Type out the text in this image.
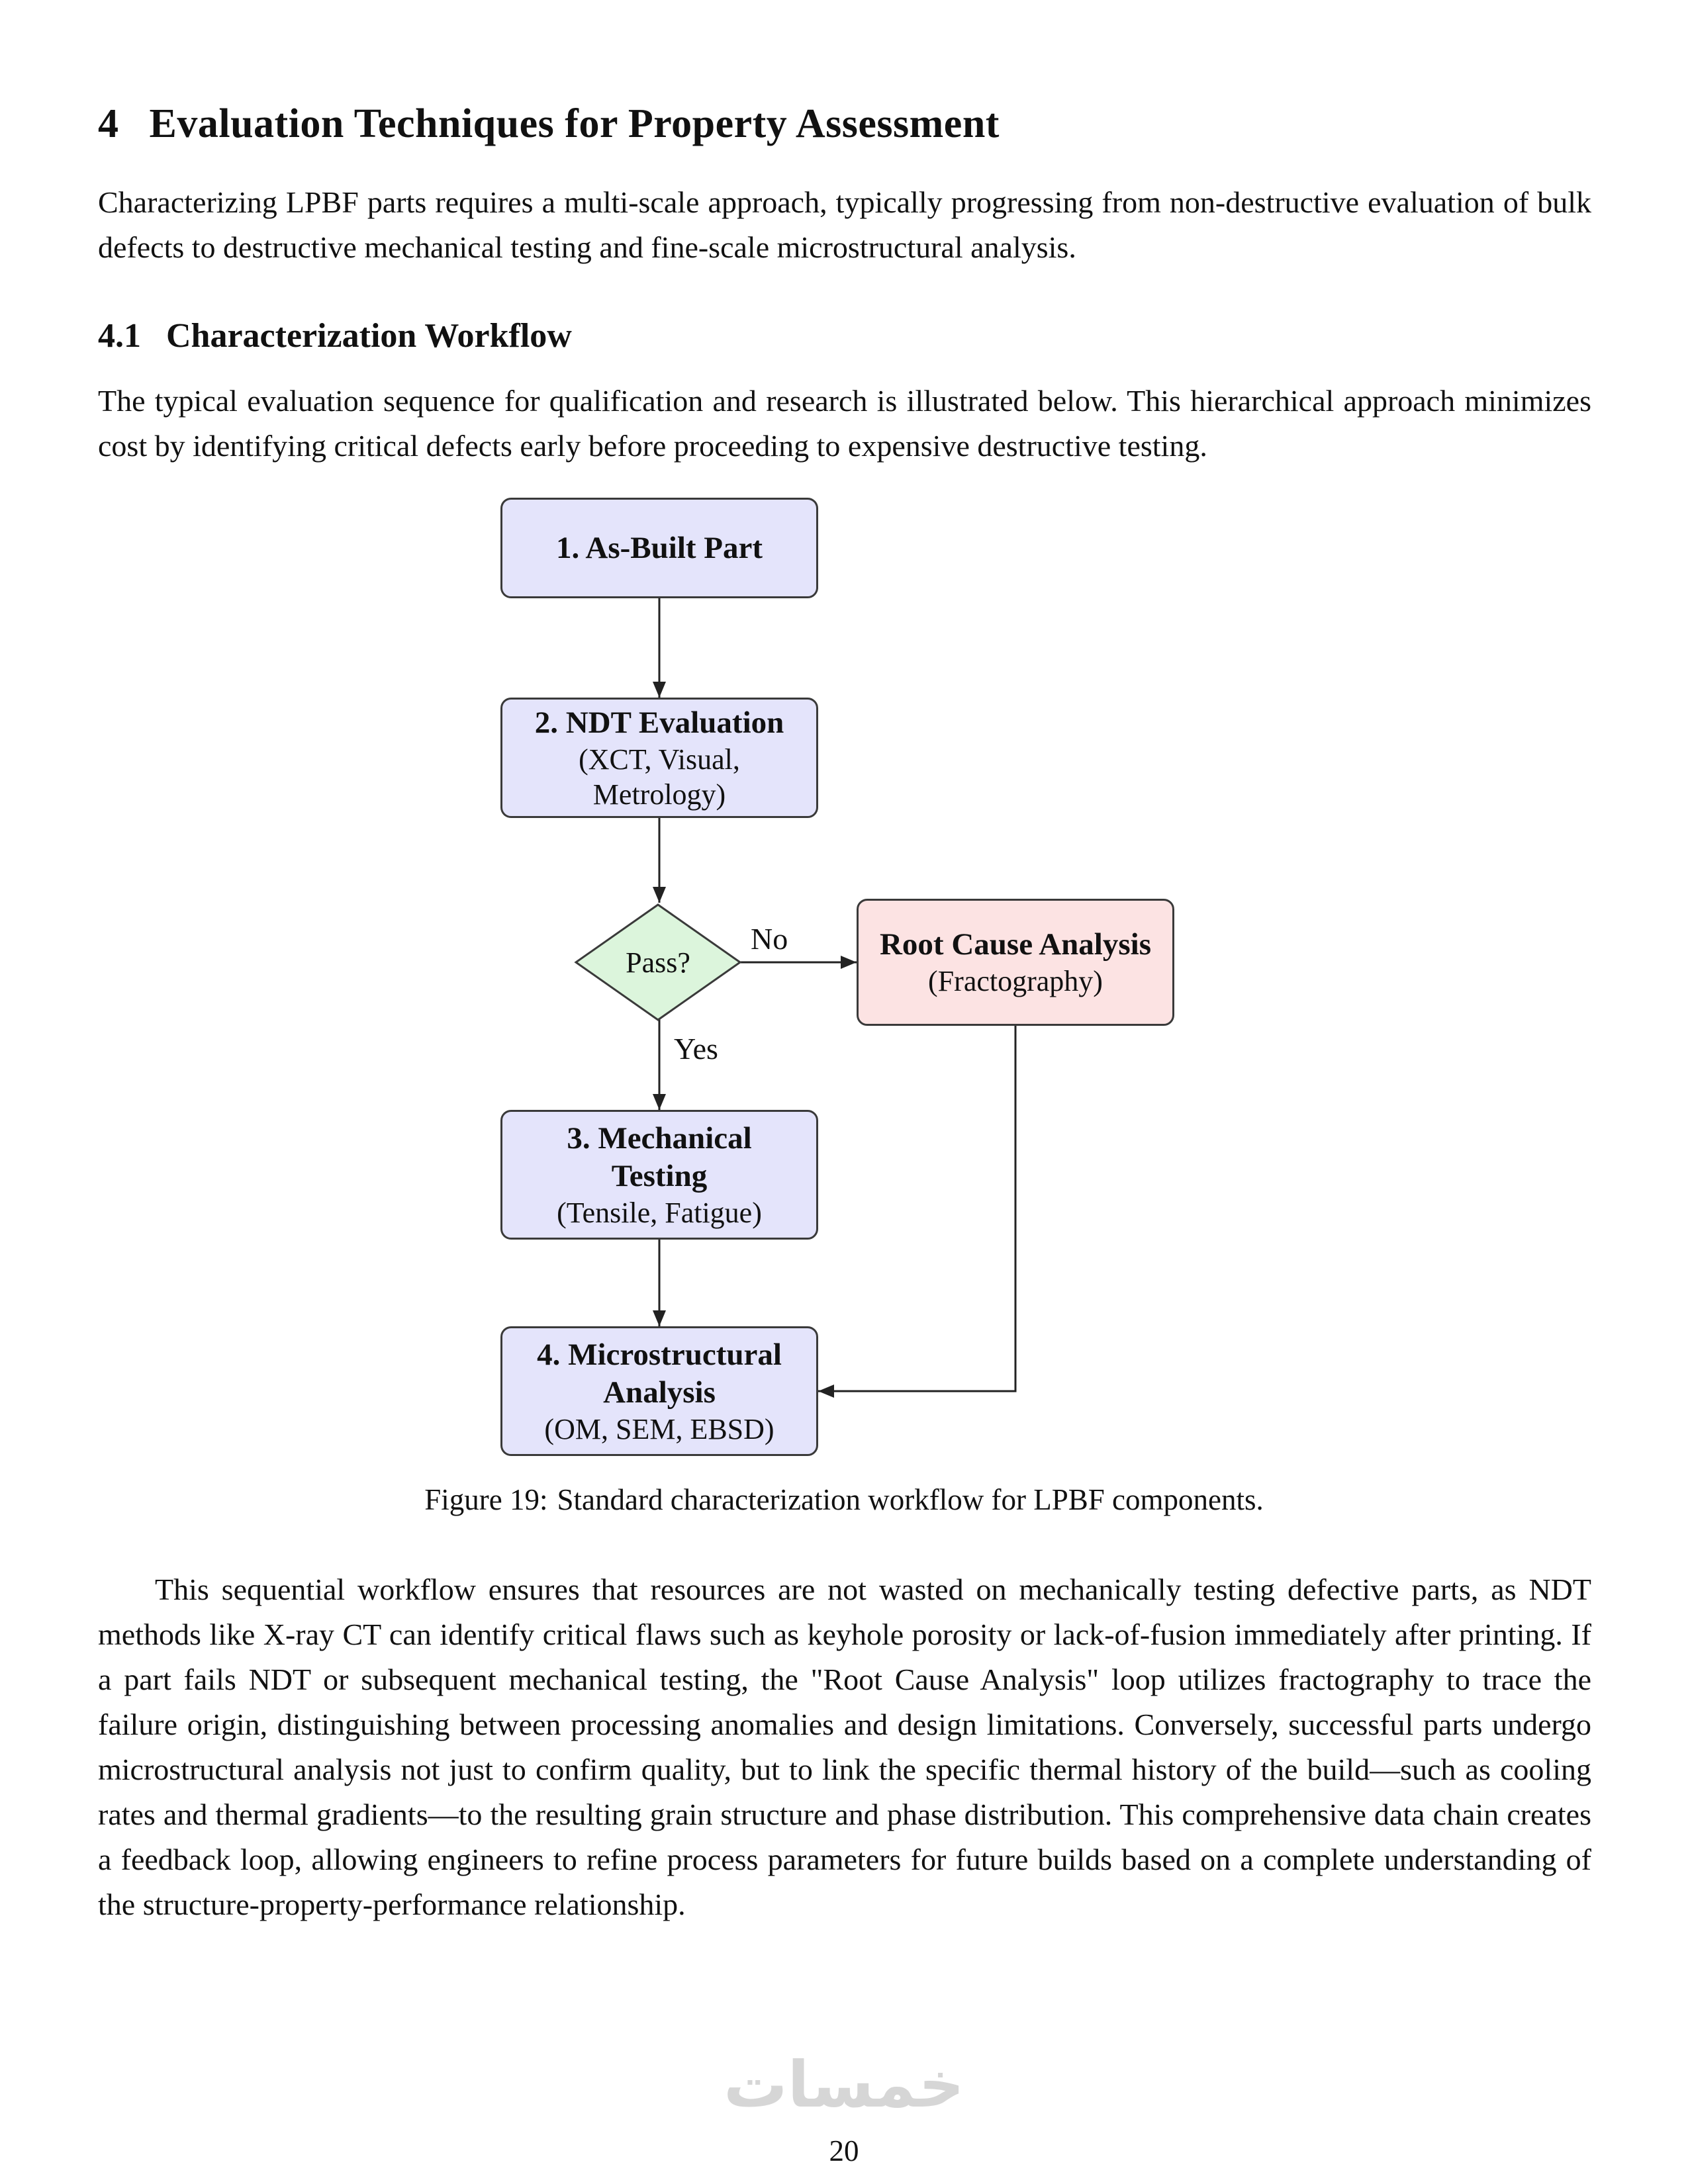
4 Evaluation Techniques for Property Assessment

Characterizing LPBF parts requires a multi-scale approach, typically progressing from non-destructive evaluation of bulk defects to destructive mechanical testing and fine-scale microstructural analysis.

4.1 Characterization Workflow

The typical evaluation sequence for qualification and research is illustrated below. This hierarchical approach minimizes cost by identifying critical defects early before proceeding to expensive destructive testing.

1. As-Built Part
2. NDT Evaluation
(XCT, Visual, Metrology)
Pass?
No
Yes
Root Cause Analysis
(Fractography)
3. Mechanical Testing
(Tensile, Fatigue)
4. Microstructural Analysis
(OM, SEM, EBSD)

Figure 19: Standard characterization workflow for LPBF components.

This sequential workflow ensures that resources are not wasted on mechanically testing defective parts, as NDT methods like X-ray CT can identify critical flaws such as keyhole porosity or lack-of-fusion immediately after printing. If a part fails NDT or subsequent mechanical testing, the "Root Cause Analysis" loop utilizes fractography to trace the failure origin, distinguishing between processing anomalies and design limitations. Conversely, successful parts undergo microstructural analysis not just to confirm quality, but to link the specific thermal history of the build—such as cooling rates and thermal gradients—to the resulting grain structure and phase distribution. This comprehensive data chain creates a feedback loop, allowing engineers to refine process parameters for future builds based on a complete understanding of the structure-property-performance relationship.

خمسات
20
